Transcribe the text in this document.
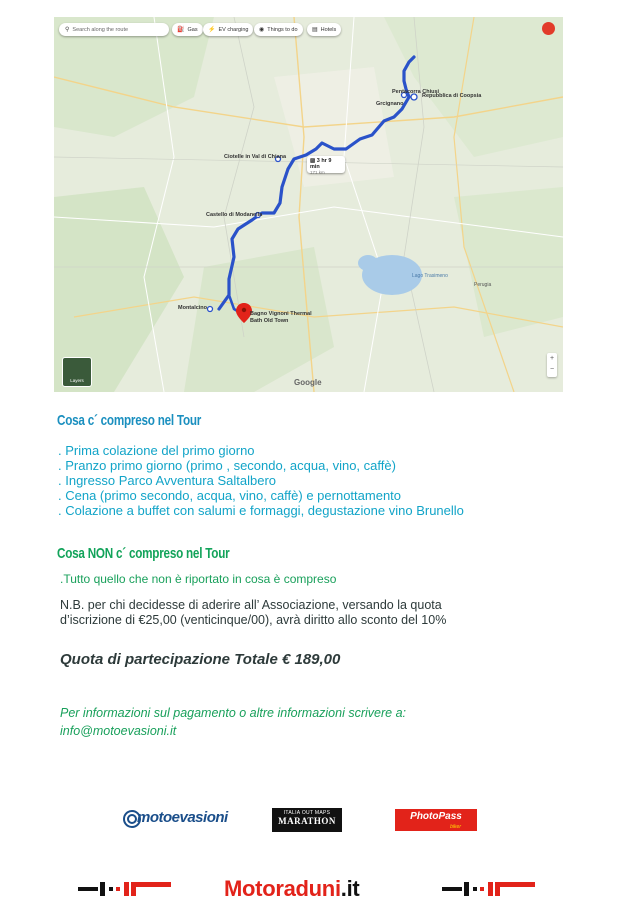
Pentacorra Chiusi
Grcignano
Repubblica di Coopsia
Ciotelle in Val di Chiana
Castello di Modanella
Montalcino
Bagno Vignoni Thermal
Bath Old Town
Lago Trasimeno
Perugia
⚲ Search along the route	⛽ Gas ⚡ EV charging ◉ Things to do ▤ Hotels
▨ 3 hr 9 min
171 km
Layers	Google
+
−
Cosa c´ compreso nel Tour
. Prima colazione del primo giorno
. Pranzo primo giorno (primo , secondo, acqua, vino, caffè)
. Ingresso Parco Avventura Saltalbero
. Cena (primo secondo, acqua, vino, caffè) e pernottamento
. Colazione a buffet con salumi e formaggi, degustazione vino Brunello
Cosa NON c´ compreso nel Tour
.Tutto quello che non è riportato in cosa è compreso
N.B. per chi decidesse di aderire all’ Associazione, versando la quota
d’iscrizione di €25,00 (venticinque/00), avrà diritto allo sconto del 10%
Quota di partecipazione Totale € 189,00
Per informazioni sul pagamento o altre informazioni scrivere a:
info@motoevasioni.it
motoevasioni	ITALIA OUT MAPS
MARATHON	PhotoPass
biker
Motoraduni.it
